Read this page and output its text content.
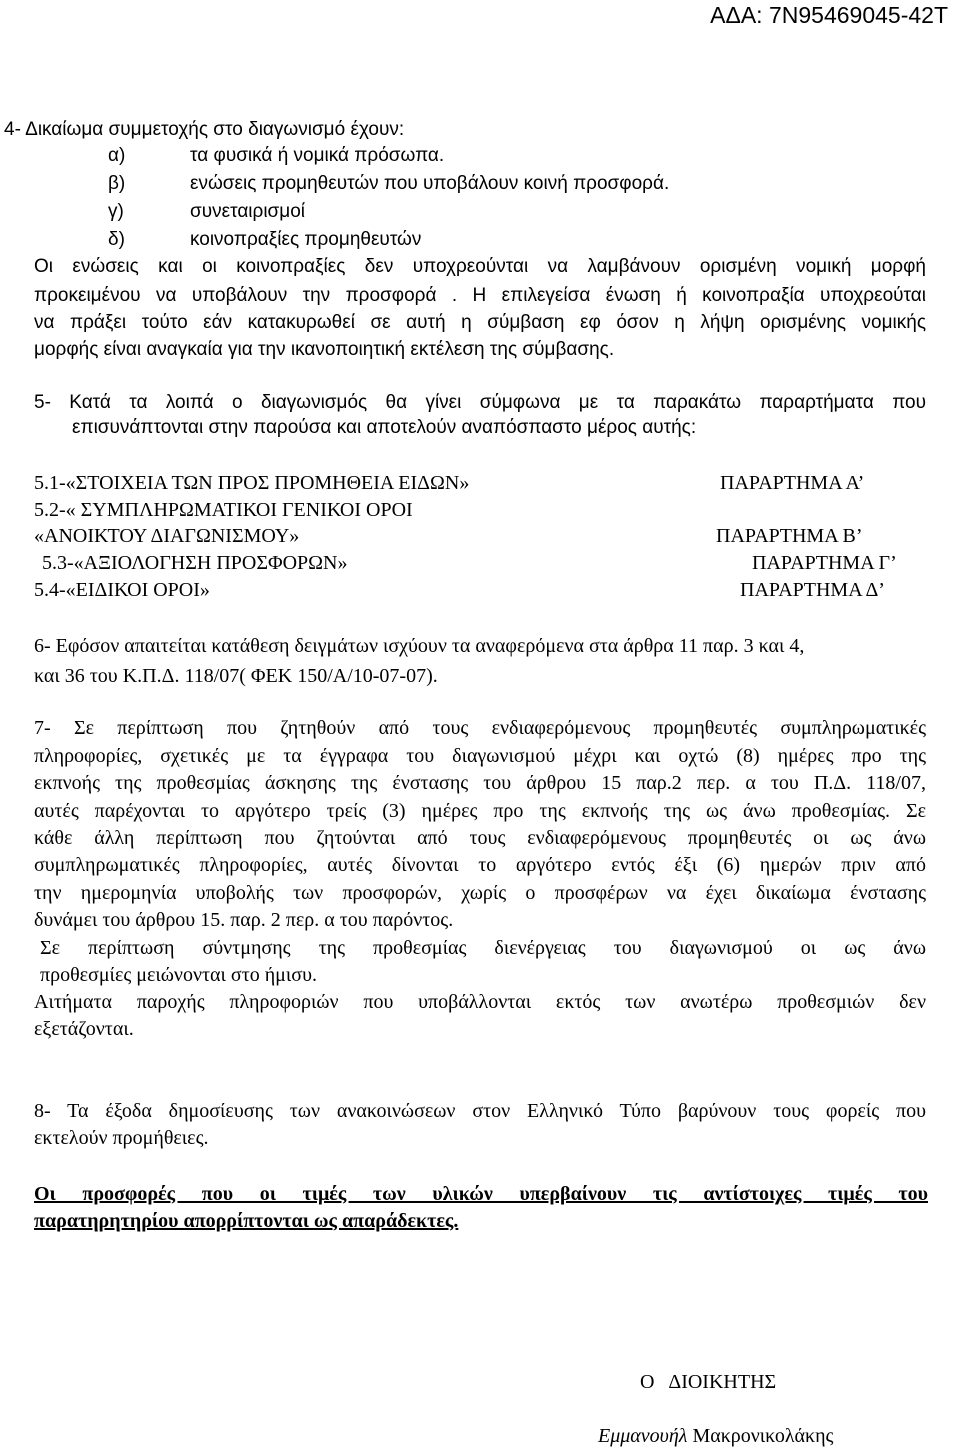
ΑΔΑ: 7Ν95469045-42Τ
4- Δικαίωμα συμμετοχής στο διαγωνισμό έχουν:
α)	τα φυσικά ή νομικά πρόσωπα.
β)	ενώσεις προμηθευτών που υποβάλουν κοινή προσφορά.
γ)	συνεταιρισμοί
δ)	κοινοπραξίες προμηθευτών
Οι ενώσεις και οι κοινοπραξίες δεν υποχρεούνται να λαμβάνουν ορισμένη νομική μορφή
προκειμένου να υποβάλουν την προσφορά . Η επιλεγείσα ένωση ή κοινοπραξία υποχρεούται
να πράξει τούτο εάν κατακυρωθεί σε αυτή η σύμβαση εφ όσον η λήψη ορισμένης νομικής
μορφής είναι αναγκαία για την ικανοποιητική εκτέλεση της σύμβασης.
5- Κατά τα λοιπά ο διαγωνισμός θα γίνει σύμφωνα με τα παρακάτω παραρτήματα που
επισυνάπτονται στην παρούσα και αποτελούν αναπόσπαστο μέρος αυτής:
5.1-«ΣΤΟΙΧΕΙΑ ΤΩΝ ΠΡΟΣ ΠΡΟΜΗΘΕΙΑ ΕΙΔΩΝ»	ΠΑΡΑΡΤΗΜΑ Α’
5.2-« ΣΥΜΠΛΗΡΩΜΑΤΙΚΟΙ ΓΕΝΙΚΟΙ ΟΡΟΙ
«ΑΝΟΙΚΤΟΥ ΔΙΑΓΩΝΙΣΜΟΥ»	ΠΑΡΑΡΤΗΜΑ Β’
5.3-«ΑΞΙΟΛΟΓΗΣΗ ΠΡΟΣΦΟΡΩΝ»	ΠΑΡΑΡΤΗΜΑ Γ’
5.4-«ΕΙΔΙΚΟΙ ΟΡΟΙ»	ΠΑΡΑΡΤΗΜΑ Δ’
6- Εφόσον απαιτείται κατάθεση δειγμάτων ισχύουν τα αναφερόμενα στα άρθρα 11 παρ. 3 και 4,
και 36 του Κ.Π.Δ. 118/07( ΦΕΚ 150/Α/10-07-07).
7- Σε περίπτωση που ζητηθούν από τους ενδιαφερόμενους προμηθευτές συμπληρωματικές
πληροφορίες, σχετικές με τα έγγραφα του διαγωνισμού μέχρι και οχτώ (8) ημέρες προ της
εκπνοής της προθεσμίας άσκησης της ένστασης του άρθρου 15 παρ.2 περ. α του Π.Δ. 118/07,
αυτές παρέχονται το αργότερο τρείς (3) ημέρες προ της εκπνοής της ως άνω προθεσμίας. Σε
κάθε άλλη περίπτωση που ζητούνται από τους ενδιαφερόμενους προμηθευτές οι ως άνω
συμπληρωματικές πληροφορίες, αυτές δίνονται το αργότερο εντός έξι (6) ημερών πριν από
την ημερομηνία υποβολής των προσφορών, χωρίς ο προσφέρων να έχει δικαίωμα ένστασης
δυνάμει του άρθρου 15. παρ. 2 περ. α του παρόντος.
Σε περίπτωση σύντμησης της προθεσμίας διενέργειας του διαγωνισμού οι ως άνω
προθεσμίες μειώνονται στο ήμισυ.
Αιτήματα παροχής πληροφοριών που υποβάλλονται εκτός των ανωτέρω προθεσμιών δεν
εξετάζονται.
8- Τα έξοδα δημοσίευσης των ανακοινώσεων στον Ελληνικό Τύπο βαρύνουν τους φορείς που
εκτελούν προμήθειες.
Οι προσφορές που οι τιμές των υλικών υπερβαίνουν τις αντίστοιχες τιμές του
παρατηρητηρίου απορρίπτονται ως απαράδεκτες.
Ο   ΔΙΟΙΚΗΤΗΣ
Εμμανουήλ Μακρονικολάκης
